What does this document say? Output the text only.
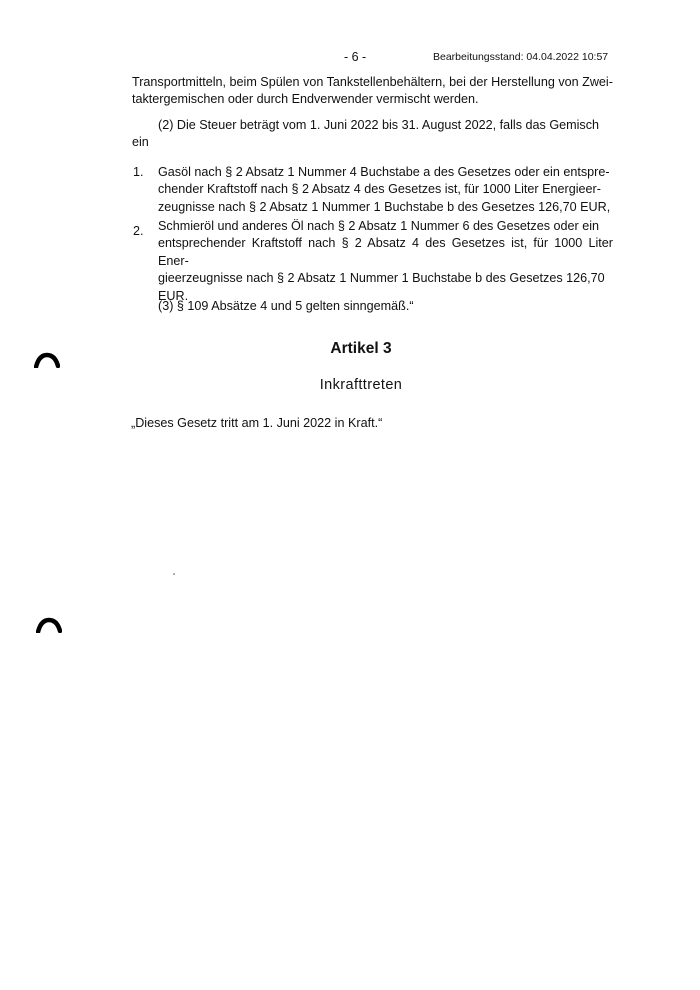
- 6 -	Bearbeitungsstand: 04.04.2022 10:57
Transportmitteln, beim Spülen von Tankstellenbehältern, bei der Herstellung von Zwei-
taktergemischen oder durch Endverwender vermischt werden.
(2) Die Steuer beträgt vom 1. Juni 2022 bis 31. August 2022, falls das Gemisch
ein
1. Gasöl nach § 2 Absatz 1 Nummer 4 Buchstabe a des Gesetzes oder ein entspre-
chender Kraftstoff nach § 2 Absatz 4 des Gesetzes ist, für 1000 Liter Energieer-
zeugnisse nach § 2 Absatz 1 Nummer 1 Buchstabe b des Gesetzes 126,70 EUR,
2. Schmieröl und anderes Öl nach § 2 Absatz 1 Nummer 6 des Gesetzes oder ein
entsprechender Kraftstoff nach § 2 Absatz 4 des Gesetzes ist, für 1000 Liter Ener-
gieerzeugnisse nach § 2 Absatz 1 Nummer 1 Buchstabe b des Gesetzes 126,70
EUR.
(3) § 109 Absätze 4 und 5 gelten sinngemäß.“
Artikel 3
Inkrafttreten
„Dieses Gesetz tritt am 1. Juni 2022 in Kraft.“
